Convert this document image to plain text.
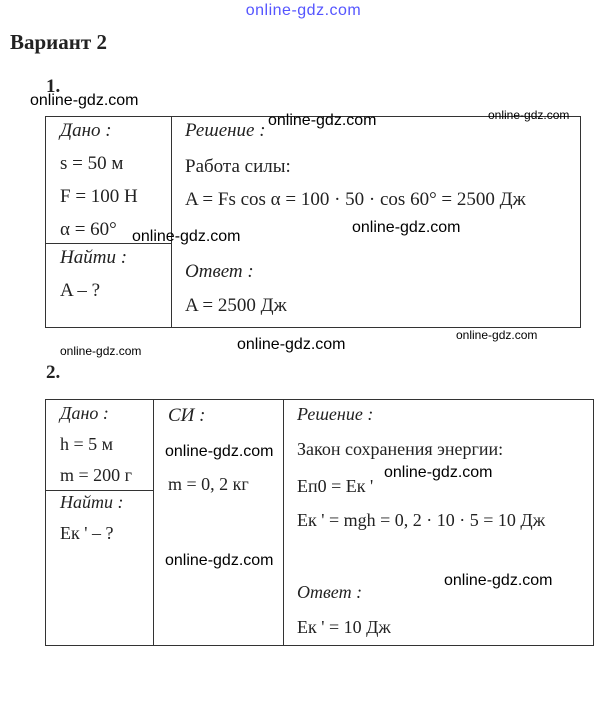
online-gdz.com
Вариант 2
1.
Дано :
s = 50 м
F = 100 Н
α = 60°
Найти :
A – ?
Решение :
Работа силы:
A = Fs cos α = 100 · 50 · cos 60° = 2500 Дж
Ответ :
A = 2500 Дж
2.
Дано :
h = 5 м
m = 200 г
Найти :
Eк ' – ?
СИ :
m = 0, 2 кг
Решение :
Закон сохранения энергии:
Eп0 = Eк '
Eк ' = mgh = 0, 2 · 10 · 5 = 10 Дж
Ответ :
Eк ' = 10 Дж
online-gdz.com
online-gdz.com	online-gdz.com
online-gdz.com
online-gdz.com
online-gdz.com
online-gdz.com
online-gdz.com
online-gdz.com
online-gdz.com
online-gdz.com
online-gdz.com
